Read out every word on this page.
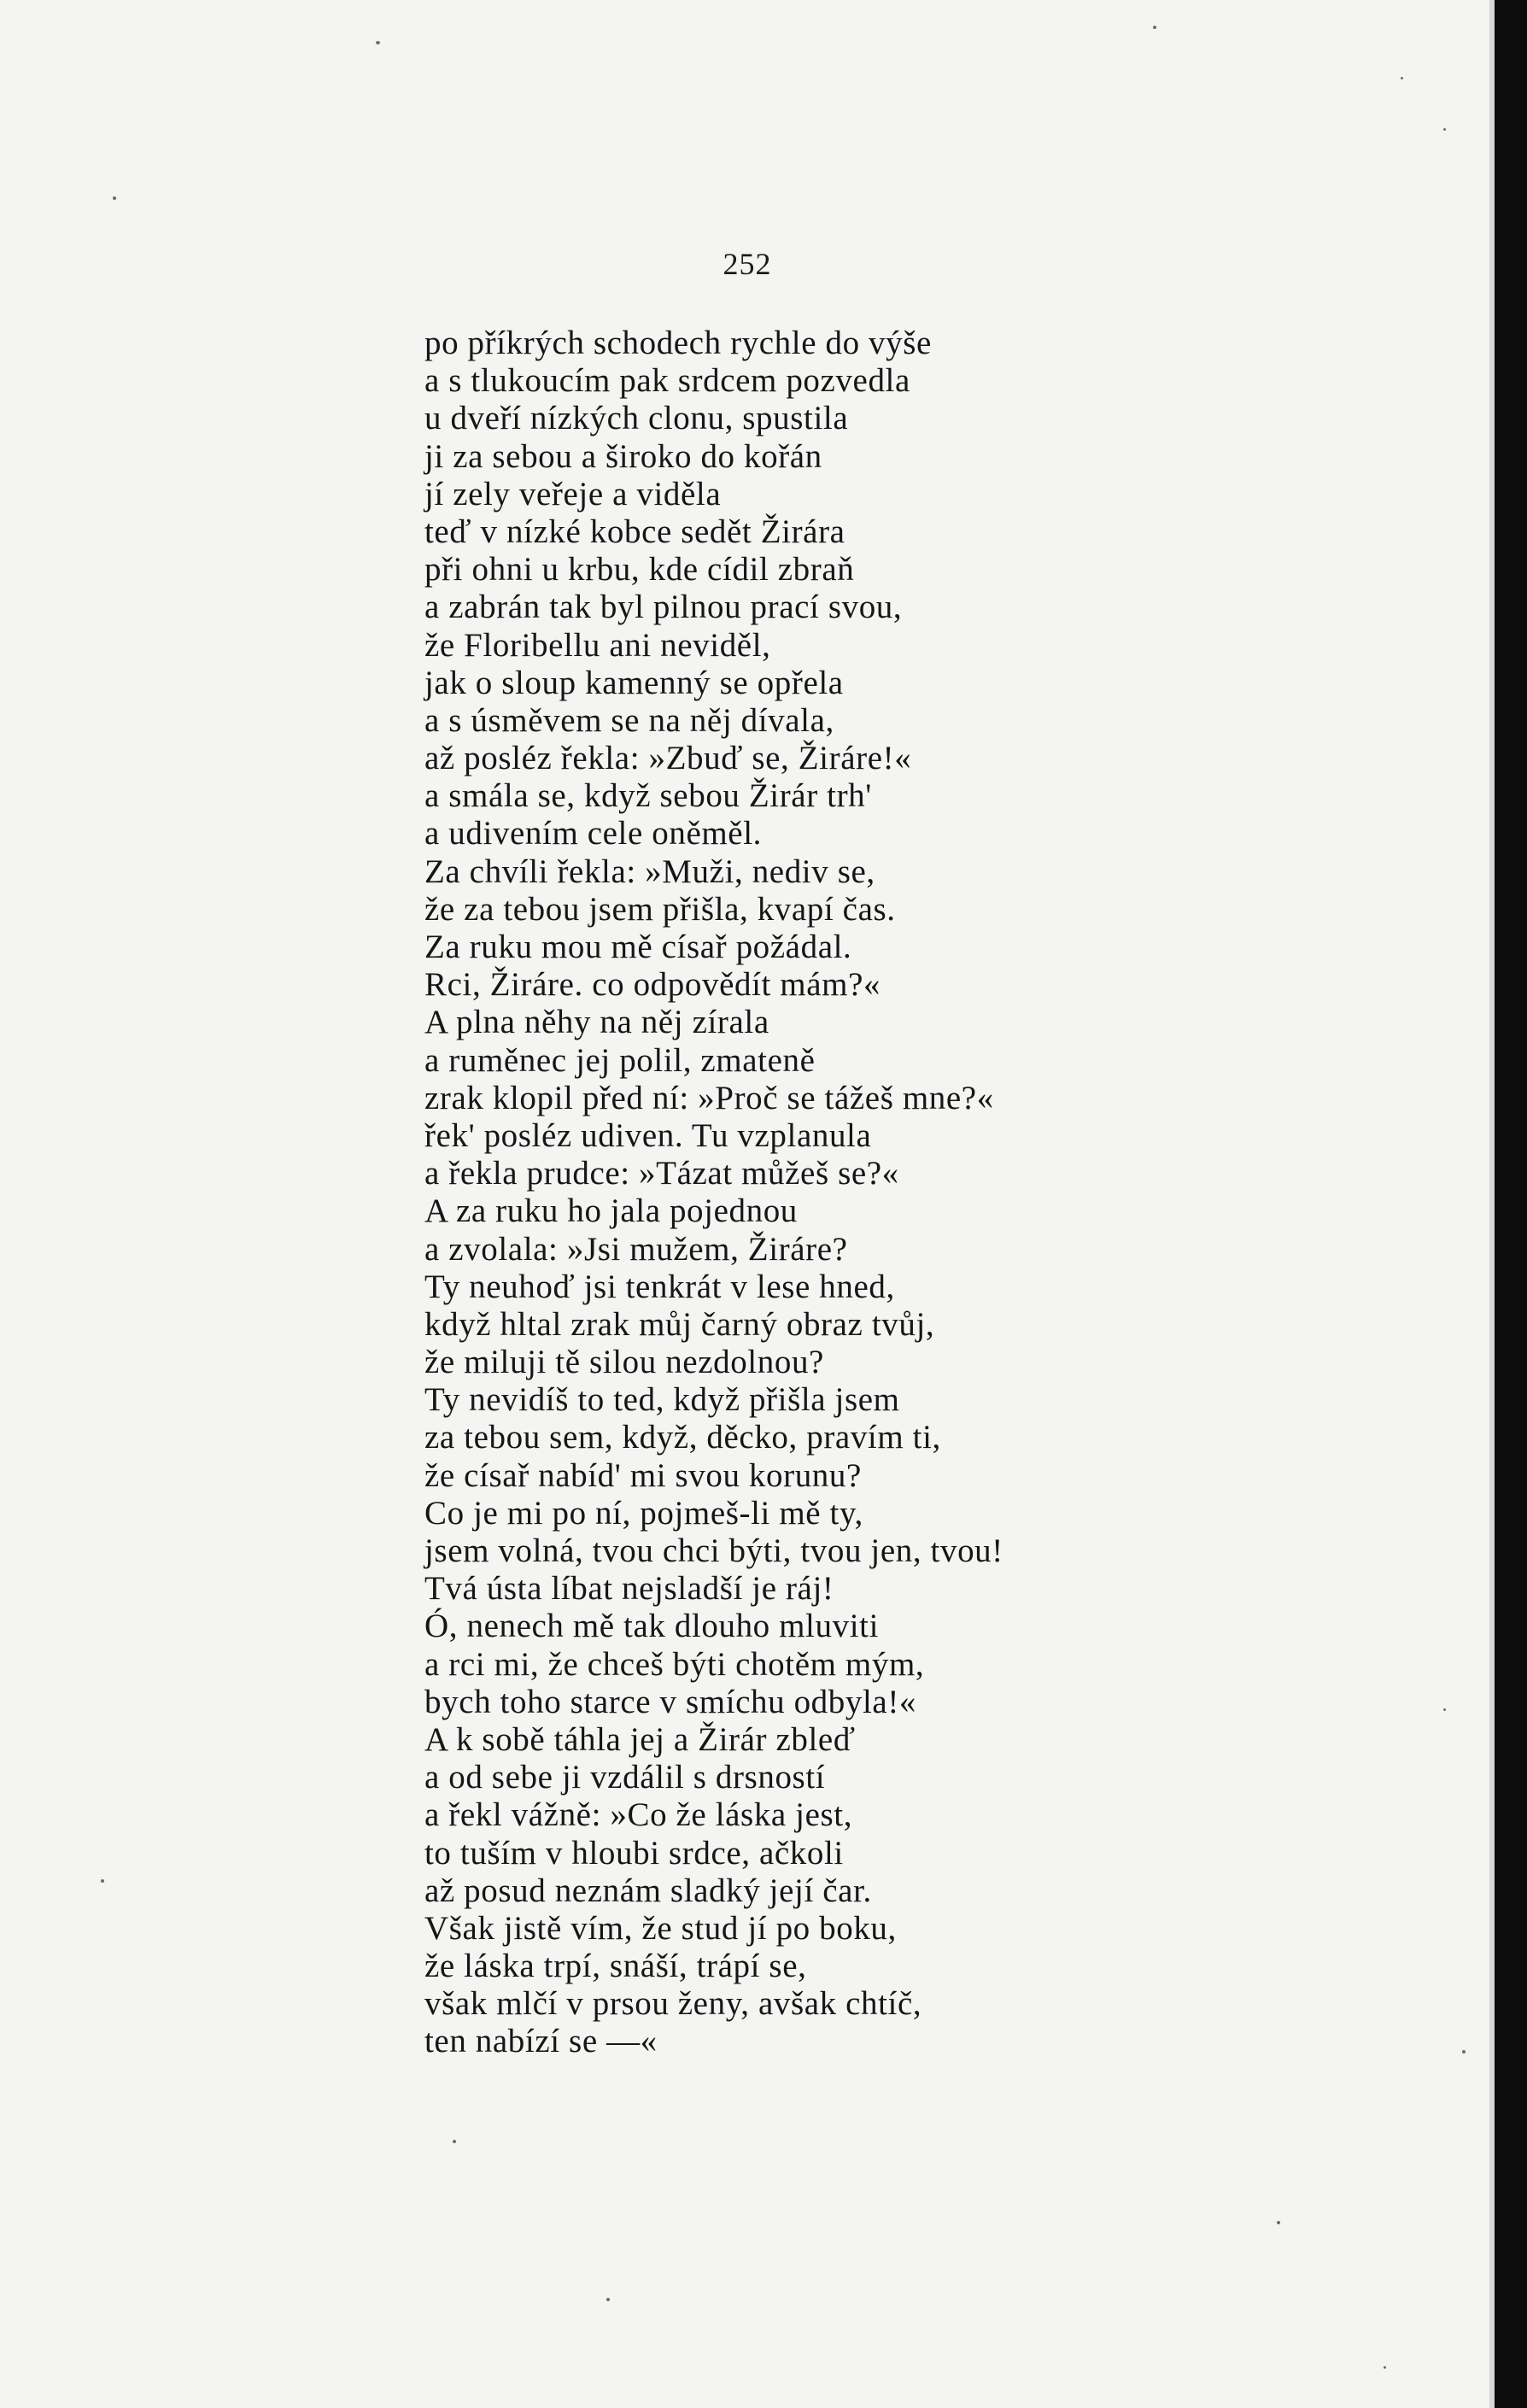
252
po příkrých schodech rychle do výše
a s tlukoucím pak srdcem pozvedla
u dveří nízkých clonu, spustila
ji za sebou a široko do kořán
jí zely veřeje a viděla
teď v nízké kobce sedět Žirára
při ohni u krbu, kde cídil zbraň
a zabrán tak byl pilnou prací svou,
že Floribellu ani neviděl,
jak o sloup kamenný se opřela
a s úsměvem se na něj dívala,
až posléz řekla: »Zbuď se, Žiráre!«
a smála se, když sebou Žirár trh'
a udivením cele oněměl.
Za chvíli řekla: »Muži, nediv se,
že za tebou jsem přišla, kvapí čas.
Za ruku mou mě císař požádal.
Rci, Žiráre. co odpovědít mám?«
A plna něhy na něj zírala
a ruměnec jej polil, zmateně
zrak klopil před ní: »Proč se tážeš mne?«
řek' posléz udiven. Tu vzplanula
a řekla prudce: »Tázat můžeš se?«
A za ruku ho jala pojednou
a zvolala: »Jsi mužem, Žiráre?
Ty neuhoď jsi tenkrát v lese hned,
když hltal zrak můj čarný obraz tvůj,
že miluji tě silou nezdolnou?
Ty nevidíš to ted, když přišla jsem
za tebou sem, když, děcko, pravím ti,
že císař nabíd' mi svou korunu?
Co je mi po ní, pojmeš-li mě ty,
jsem volná, tvou chci býti, tvou jen, tvou!
Tvá ústa líbat nejsladší je ráj!
Ó, nenech mě tak dlouho mluviti
a rci mi, že chceš býti chotěm mým,
bych toho starce v smíchu odbyla!«
A k sobě táhla jej a Žirár zbleď
a od sebe ji vzdálil s drsností
a řekl vážně: »Co že láska jest,
to tuším v hloubi srdce, ačkoli
až posud neznám sladký její čar.
Však jistě vím, že stud jí po boku,
že láska trpí, snáší, trápí se,
však mlčí v prsou ženy, avšak chtíč,
ten nabízí se —«
